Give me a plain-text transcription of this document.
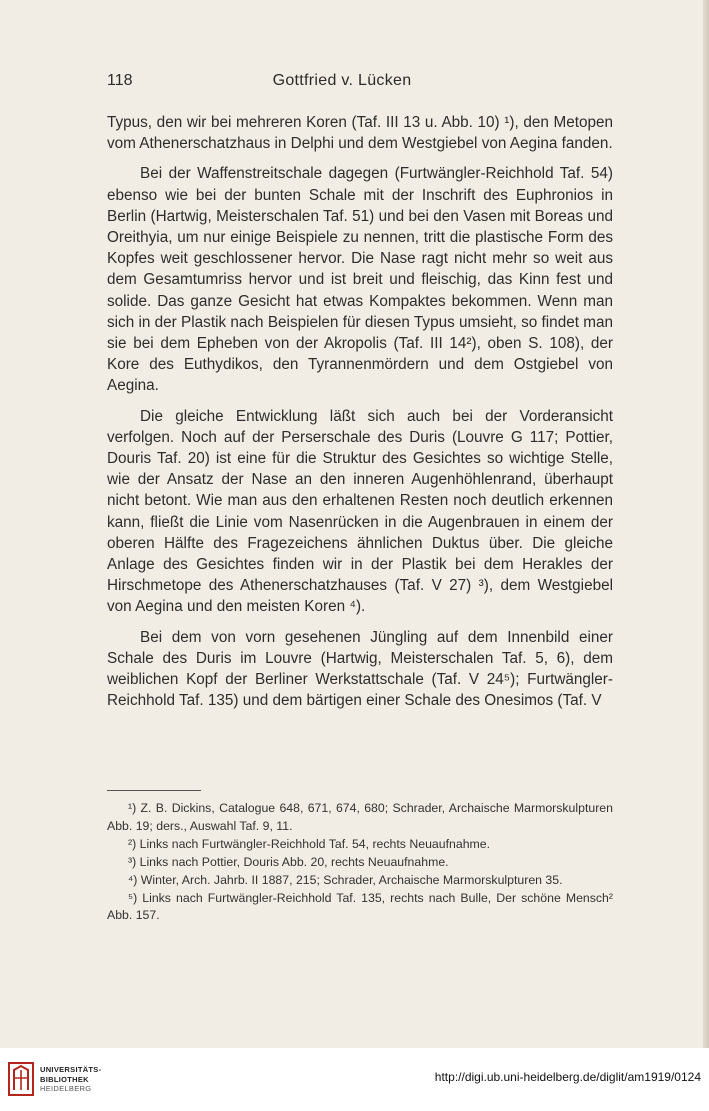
118	Gottfried v. Lücken

Typus, den wir bei mehreren Koren (Taf. III 13 u. Abb. 10) ¹), den Metopen vom Athenerschatzhaus in Delphi und dem Westgiebel von Aegina fanden.

Bei der Waffenstreitschale dagegen (Furtwängler-Reichhold Taf. 54) ebenso wie bei der bunten Schale mit der Inschrift des Euphronios in Berlin (Hartwig, Meisterschalen Taf. 51) und bei den Vasen mit Boreas und Oreithyia, um nur einige Beispiele zu nennen, tritt die plastische Form des Kopfes weit geschlossener hervor. Die Nase ragt nicht mehr so weit aus dem Gesamtumriss hervor und ist breit und fleischig, das Kinn fest und solide. Das ganze Gesicht hat etwas Kompaktes bekommen. Wenn man sich in der Plastik nach Beispielen für diesen Typus umsieht, so findet man sie bei dem Epheben von der Akropolis (Taf. III 14²), oben S. 108), der Kore des Euthydikos, den Tyrannenmördern und dem Ostgiebel von Aegina.

Die gleiche Entwicklung läßt sich auch bei der Vorderansicht verfolgen. Noch auf der Perserschale des Duris (Louvre G 117; Pottier, Douris Taf. 20) ist eine für die Struktur des Gesichtes so wichtige Stelle, wie der Ansatz der Nase an den inneren Augenhöhlenrand, überhaupt nicht betont. Wie man aus den erhaltenen Resten noch deutlich erkennen kann, fließt die Linie vom Nasenrücken in die Augenbrauen in einem der oberen Hälfte des Fragezeichens ähnlichen Duktus über. Die gleiche Anlage des Gesichtes finden wir in der Plastik bei dem Herakles der Hirschmetope des Athenerschatzhauses (Taf. V 27) ³), dem Westgiebel von Aegina und den meisten Koren ⁴).

Bei dem von vorn gesehenen Jüngling auf dem Innenbild einer Schale des Duris im Louvre (Hartwig, Meisterschalen Taf. 5, 6), dem weiblichen Kopf der Berliner Werkstattschale (Taf. V 24⁵); Furtwängler-Reichhold Taf. 135) und dem bärtigen einer Schale des Onesimos (Taf. V

¹) Z. B. Dickins, Catalogue 648, 671, 674, 680; Schrader, Archaische Marmorskulpturen Abb. 19; ders., Auswahl Taf. 9, 11.

²) Links nach Furtwängler-Reichhold Taf. 54, rechts Neuaufnahme.

³) Links nach Pottier, Douris Abb. 20, rechts Neuaufnahme.

⁴) Winter, Arch. Jahrb. II 1887, 215; Schrader, Archaische Marmorskulpturen 35.

⁵) Links nach Furtwängler-Reichhold Taf. 135, rechts nach Bulle, Der schöne Mensch² Abb. 157.

UNIVERSITÄTS-
BIBLIOTHEK
HEIDELBERG
http://digi.ub.uni-heidelberg.de/diglit/am1919/0124
